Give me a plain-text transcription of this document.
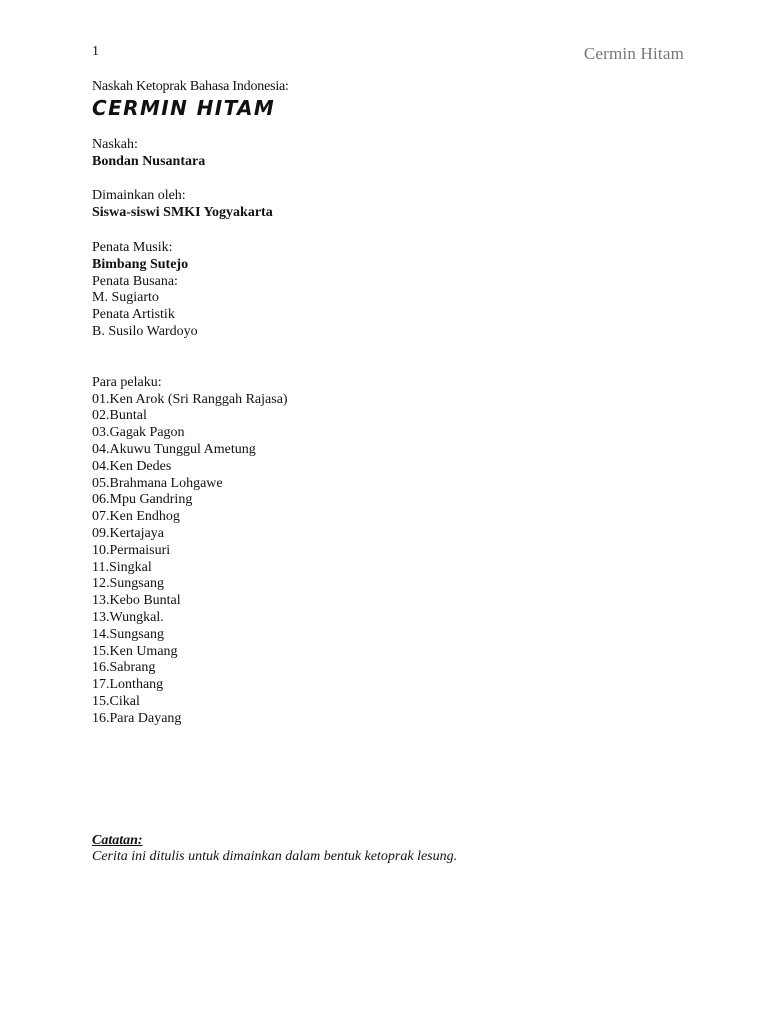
1	Cermin Hitam
Naskah Ketoprak Bahasa Indonesia:
CERMIN HITAM
Naskah:
Bondan Nusantara
Dimainkan oleh:
Siswa-siswi SMKI Yogyakarta
Penata Musik:
Bimbang Sutejo
Penata Busana:
M. Sugiarto
Penata Artistik
B. Susilo Wardoyo
Para pelaku:
01.Ken Arok (Sri Ranggah Rajasa)
02.Buntal
03.Gagak Pagon
04.Akuwu Tunggul Ametung
04.Ken Dedes
05.Brahmana Lohgawe
06.Mpu Gandring
07.Ken Endhog
09.Kertajaya
10.Permaisuri
11.Singkal
12.Sungsang
13.Kebo Buntal
13.Wungkal.
14.Sungsang
15.Ken Umang
16.Sabrang
17.Lonthang
15.Cikal
16.Para Dayang
Catatan:
Cerita ini ditulis untuk dimainkan dalam bentuk ketoprak lesung.
